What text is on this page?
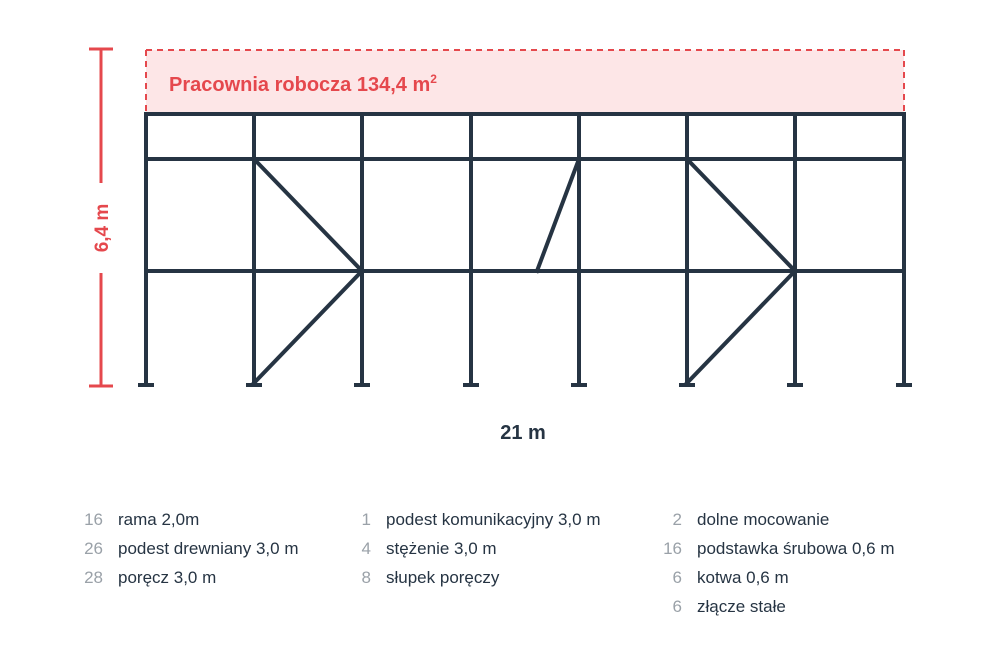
Pracownia robocza 134,4 $m^2$
6,4 m
21 m
16 rama 2,0m
26 podest drewniany 3,0 m
28 poręcz 3,0 m
1 podest komunikacyjny 3,0 m
4 stężenie 3,0 m
8 słupek poręczy
2 dolne mocowanie
16 podstawka śrubowa 0,6 m
6 kotwa 0,6 m
6 złącze stałe
